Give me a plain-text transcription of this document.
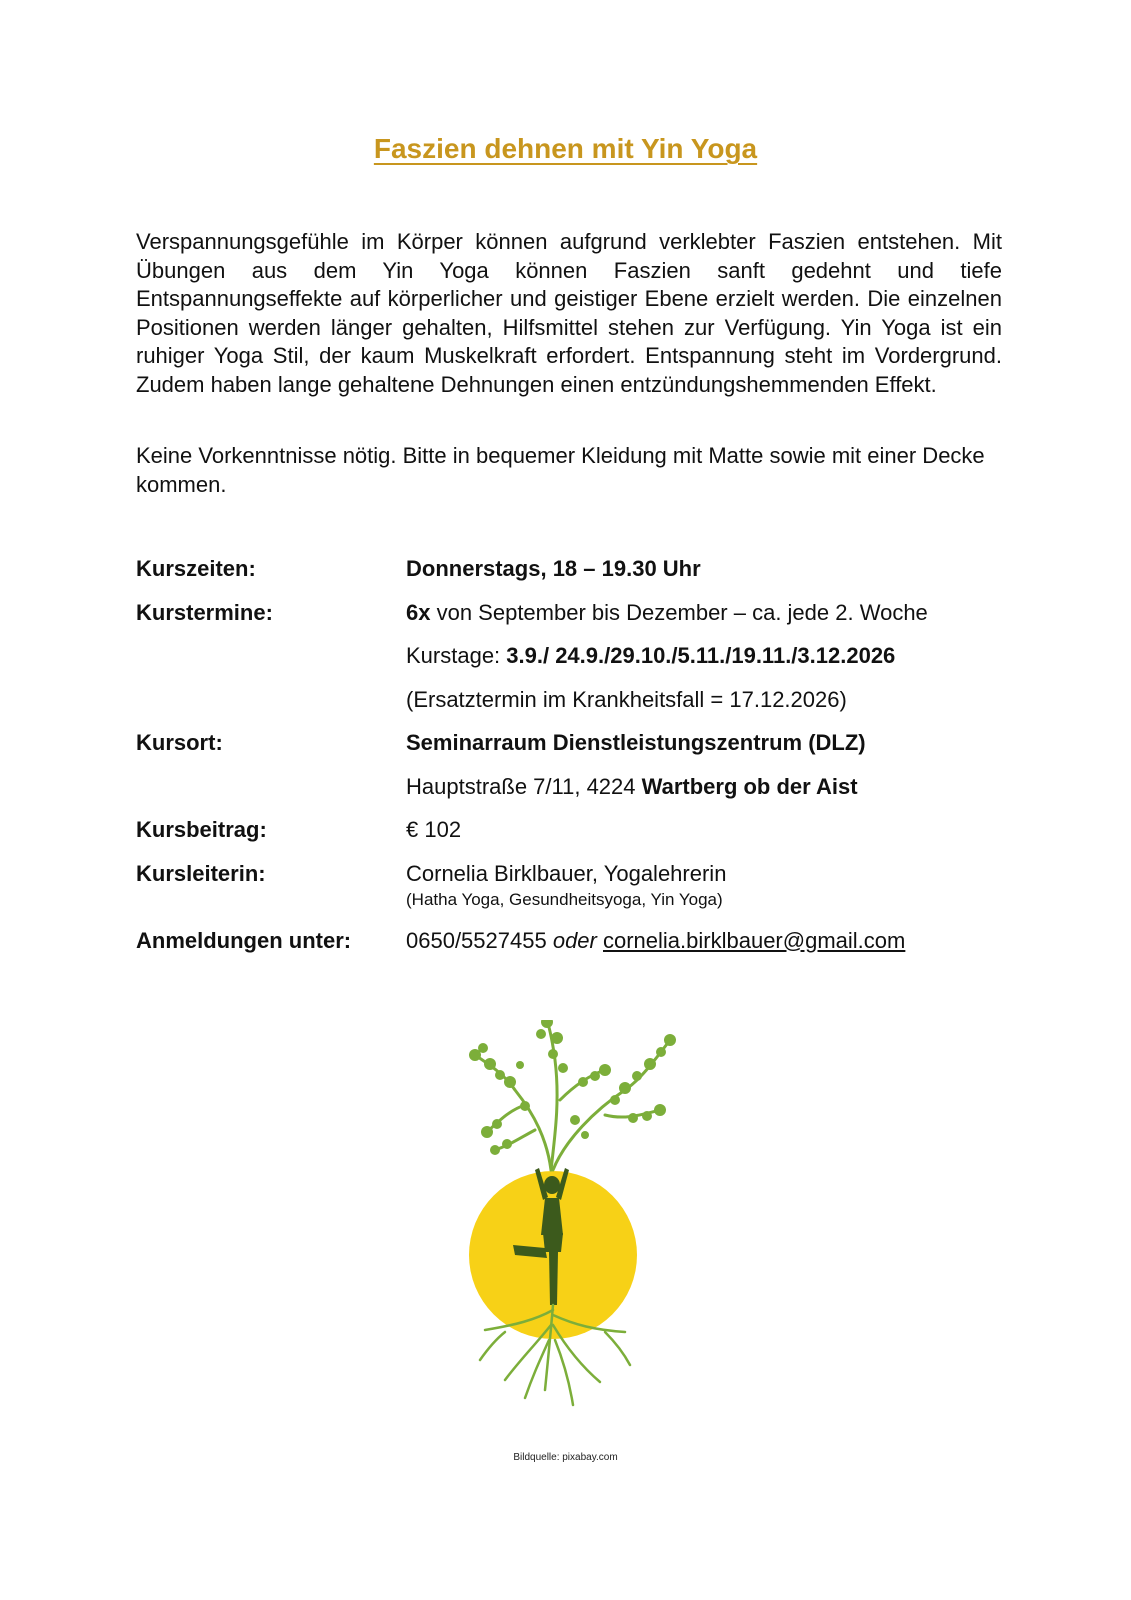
Faszien dehnen mit Yin Yoga

Verspannungsgefühle im Körper können aufgrund verklebter Faszien entstehen. Mit Übungen aus dem Yin Yoga können Faszien sanft gedehnt und tiefe Entspannungseffekte auf körperlicher und geistiger Ebene erzielt werden. Die einzelnen Positionen werden länger gehalten, Hilfsmittel stehen zur Verfügung. Yin Yoga ist ein ruhiger Yoga Stil, der kaum Muskelkraft erfordert. Entspannung steht im Vordergrund. Zudem haben lange gehaltene Dehnungen einen entzündungshemmenden Effekt.

Keine Vorkenntnisse nötig. Bitte in bequemer Kleidung mit Matte sowie mit einer Decke kommen.

Kurszeiten:	Donnerstags, 18 – 19.30 Uhr
Kurstermine:	6x von September bis Dezember – ca. jede 2. Woche
Kurstage: 3.9./ 24.9./29.10./5.11./19.11./3.12.2026
(Ersatztermin im Krankheitsfall = 17.12.2026)
Kursort:	Seminarraum Dienstleistungszentrum (DLZ)
Hauptstraße 7/11, 4224 Wartberg ob der Aist
Kursbeitrag:	€ 102
Kursleiterin:	Cornelia Birklbauer, Yogalehrerin
(Hatha Yoga, Gesundheitsyoga, Yin Yoga)
Anmeldungen unter: 0650/5527455 oder cornelia.birklbauer@gmail.com
Bildquelle: pixabay.com
